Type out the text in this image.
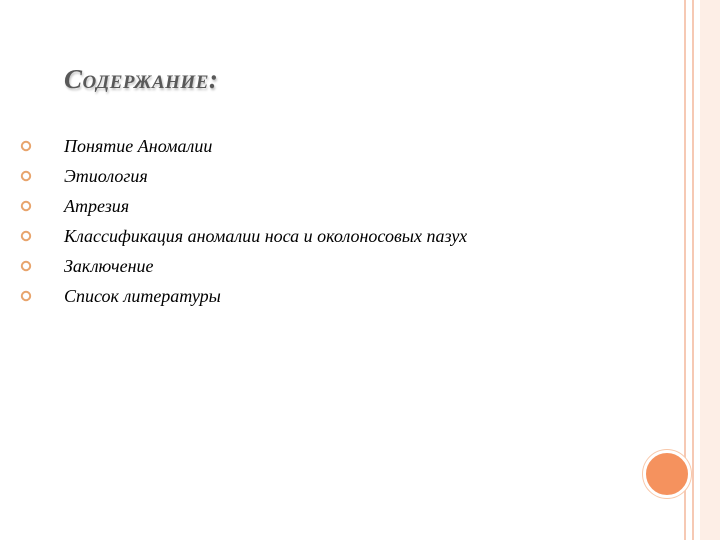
Содержание:
Понятие Аномалии
Этиология
Атрезия
Классификация аномалии носа и околоносовых пазух
Заключение
Список литературы
